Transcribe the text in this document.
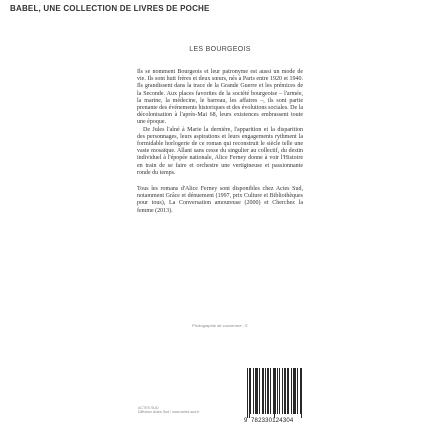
BABEL, UNE COLLECTION DE LIVRES DE POCHE
LES BOURGEOIS

Ils se nomment Bourgeois et leur patronyme est aussi un mode de vie. Ils sont huit frères et deux sœurs, nés à Paris entre 1920 et 1940. Ils grandissent dans la trace de la Grande Guerre et les prémices de la Seconde. Aux places favorites de la société bourgeoise – l'armée, la marine, la médecine, le barreau, les affaires –, ils sont partie prenante des événements historiques et des évolutions sociales. De la décolonisation à l'après-Mai 68, leurs existences embrassent toute une époque.

De Jules l'aîné à Marie la dernière, l'apparition et la disparition des personnages, leurs aspirations et leurs engagements rythment la formidable horlogerie de ce roman qui reconstruit le siècle telle une vaste mosaïque. Allant sans cesse du singulier au collectif, du destin individuel à l'épopée nationale, Alice Ferney donne à voir l'Histoire en train de se faire et orchestre une vertigineuse et passionnante ronde du temps.

Tous les romans d'Alice Ferney sont disponibles chez Actes Sud, notamment Grâce et dénuement (1997, prix Culture et Bibliothèques pour tous), La Conversation amoureuse (2000) et Cherchez la femme (2013).

Photographie de couverture : ©
ACTES SUD
Diffusion Actes Sud / www.actes-sud.fr
9 782330124304
